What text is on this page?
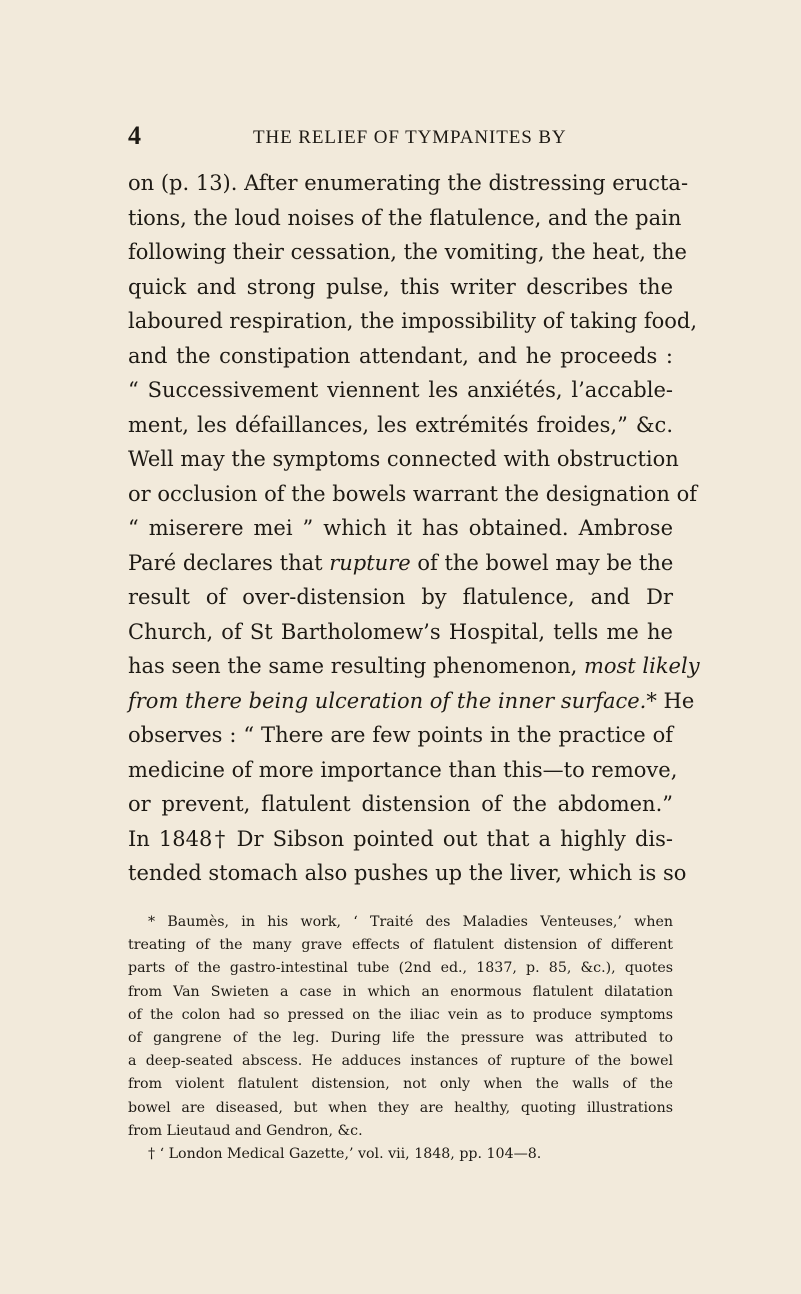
4	THE RELIEF OF TYMPANITES BY
on (p. 13). After enumerating the distressing eructa-
tions, the loud noises of the flatulence, and the pain
following their cessation, the vomiting, the heat, the
quick and strong pulse, this writer describes the
laboured respiration, the impossibility of taking food,
and the constipation attendant, and he proceeds :
“ Successivement viennent les anxiétés, l’accable-
ment, les défaillances, les extrémités froides,” &c.
Well may the symptoms connected with obstruction
or occlusion of the bowels warrant the designation of
“ miserere mei ” which it has obtained. Ambrose
Paré declares that rupture of the bowel may be the
result of over-distension by flatulence, and Dr
Church, of St Bartholomew’s Hospital, tells me he
has seen the same resulting phenomenon, most likely
from there being ulceration of the inner surface.* He
observes : “ There are few points in the practice of
medicine of more importance than this—to remove,
or prevent, flatulent distension of the abdomen.”
In 1848† Dr Sibson pointed out that a highly dis-
tended stomach also pushes up the liver, which is so
* Baumès, in his work, ‘ Traité des Maladies Venteuses,’ when
treating of the many grave effects of flatulent distension of different
parts of the gastro-intestinal tube (2nd ed., 1837, p. 85, &c.), quotes
from Van Swieten a case in which an enormous flatulent dilatation
of the colon had so pressed on the iliac vein as to produce symptoms
of gangrene of the leg. During life the pressure was attributed to
a deep-seated abscess. He adduces instances of rupture of the bowel
from violent flatulent distension, not only when the walls of the
bowel are diseased, but when they are healthy, quoting illustrations
from Lieutaud and Gendron, &c.
† ‘ London Medical Gazette,’ vol. vii, 1848, pp. 104—8.
